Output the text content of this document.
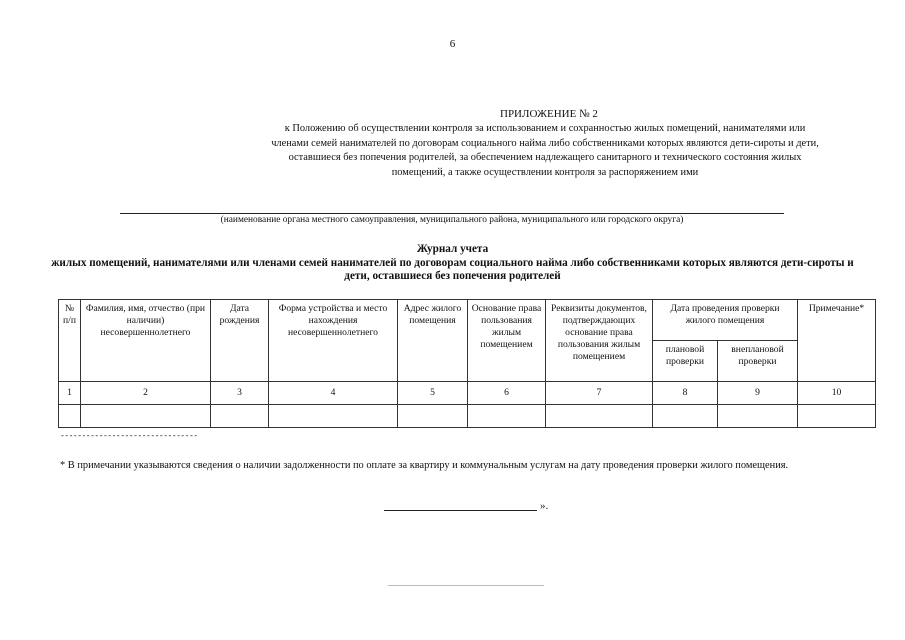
6
ПРИЛОЖЕНИЕ № 2
к Положению об осуществлении контроля за использованием и сохранностью жилых помещений, нанимателями или членами семей нанимателей по договорам социального найма либо собственниками которых являются дети-сироты и дети, оставшиеся без попечения родителей, за обеспечением надлежащего санитарного и технического состояния жилых помещений, а также осуществлении контроля за распоряжением ими
(наименование органа местного самоуправления, муниципального района, муниципального или городского округа)
Журнал учета
жилых помещений, нанимателями или членами семей нанимателей по договорам социального найма либо собственниками которых являются дети-сироты и дети, оставшиеся без попечения родителей
№ п/п	Фамилия, имя, отчество (при наличии) несовершеннолетнего	Дата рождения	Форма устройства и место нахождения несовершеннолетнего	Адрес жилого помещения	Основание права пользования жилым помещением	Реквизиты документов, подтверждающих основание права пользования жилым помещением	Дата проведения проверки жилого помещения		Примечание*
							плановой проверки	внеплановой проверки	
1	2	3	4	5	6	7	8	9	10

--------------------------------
* В примечании указываются сведения о наличии задолженности по оплате за квартиру и коммунальным услугам на дату проведения проверки жилого помещения.
».
